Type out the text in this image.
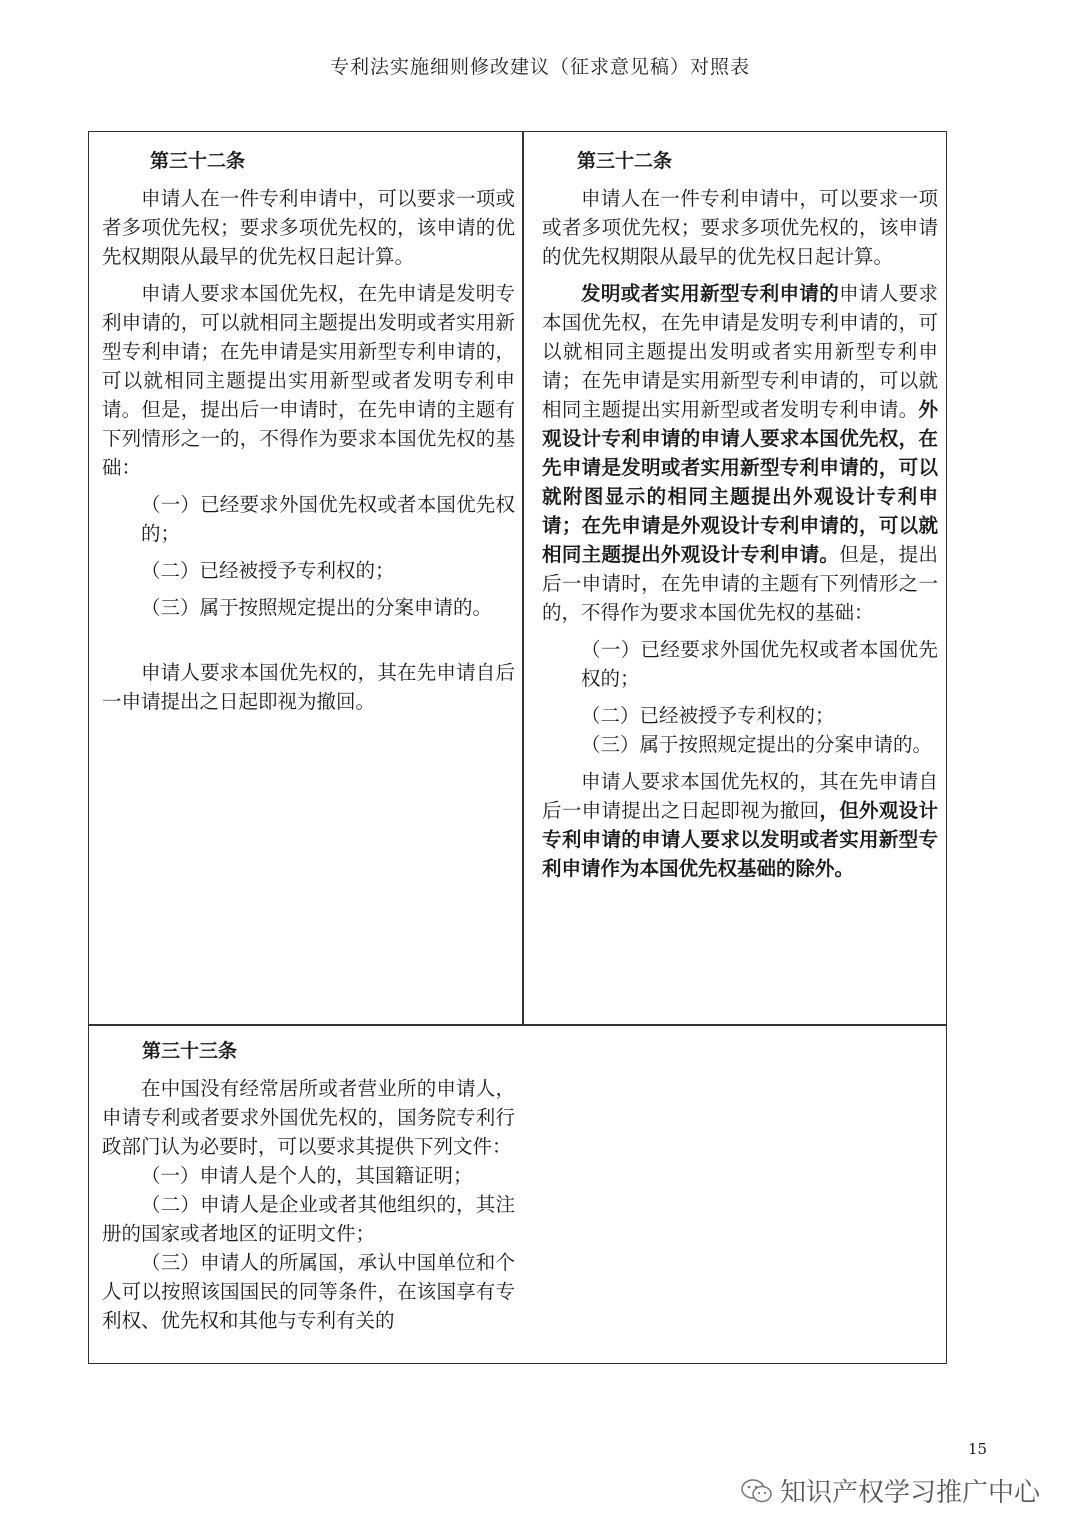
专利法实施细则修改建议（征求意见稿）对照表

第三十二条

申请人在一件专利申请中，可以要求一项或者多项优先权；要求多项优先权的，该申请的优先权期限从最早的优先权日起计算。

申请人要求本国优先权，在先申请是发明专利申请的，可以就相同主题提出发明或者实用新型专利申请；在先申请是实用新型专利申请的，可以就相同主题提出实用新型或者发明专利申请。但是，提出后一申请时，在先申请的主题有下列情形之一的，不得作为要求本国优先权的基础：

（一）已经要求外国优先权或者本国优先权的；

（二）已经被授予专利权的；

（三）属于按照规定提出的分案申请的。

申请人要求本国优先权的，其在先申请自后一申请提出之日起即视为撤回。

第三十二条

申请人在一件专利申请中，可以要求一项或者多项优先权；要求多项优先权的，该申请的优先权期限从最早的优先权日起计算。

发明或者实用新型专利申请的申请人要求本国优先权，在先申请是发明专利申请的，可以就相同主题提出发明或者实用新型专利申请；在先申请是实用新型专利申请的，可以就相同主题提出实用新型或者发明专利申请。外观设计专利申请的申请人要求本国优先权，在先申请是发明或者实用新型专利申请的，可以就附图显示的相同主题提出外观设计专利申请；在先申请是外观设计专利申请的，可以就相同主题提出外观设计专利申请。但是，提出后一申请时，在先申请的主题有下列情形之一的，不得作为要求本国优先权的基础：

（一）已经要求外国优先权或者本国优先权的；

（二）已经被授予专利权的；

（三）属于按照规定提出的分案申请的。

申请人要求本国优先权的，其在先申请自后一申请提出之日起即视为撤回，但外观设计专利申请的申请人要求以发明或者实用新型专利申请作为本国优先权基础的除外。

第三十三条

在中国没有经常居所或者营业所的申请人，申请专利或者要求外国优先权的，国务院专利行政部门认为必要时，可以要求其提供下列文件：

（一）申请人是个人的，其国籍证明；

（二）申请人是企业或者其他组织的，其注册的国家或者地区的证明文件；

（三）申请人的所属国，承认中国单位和个人可以按照该国国民的同等条件，在该国享有专利权、优先权和其他与专利有关的

15
知识产权学习推广中心
